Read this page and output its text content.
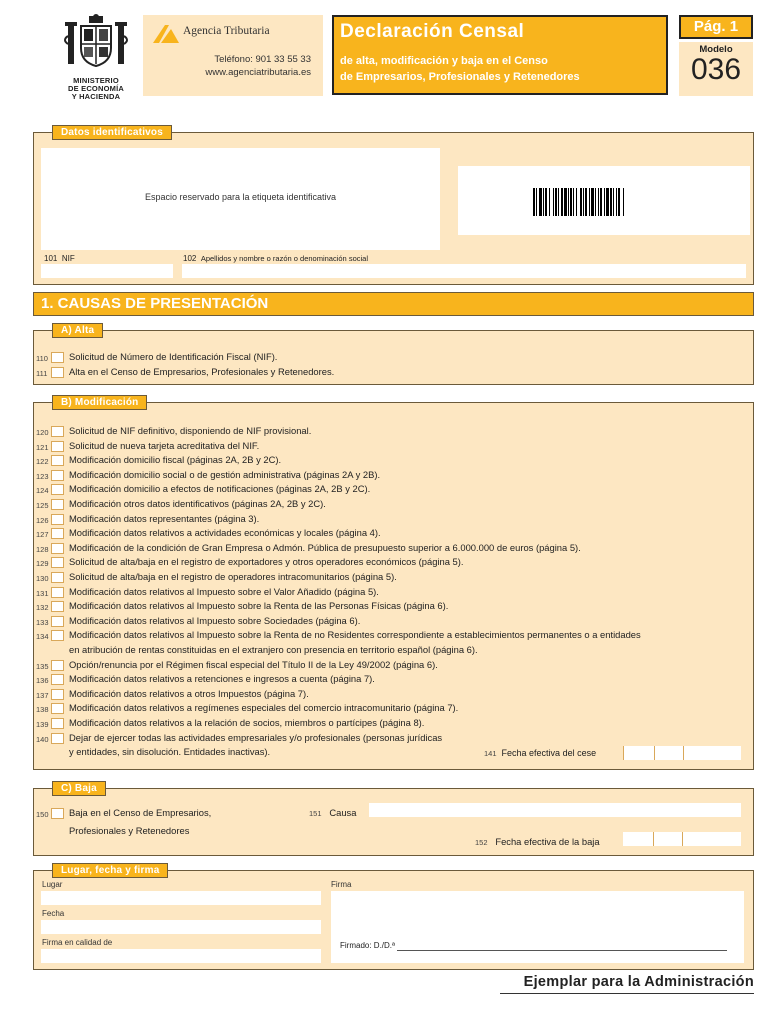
MINISTERIO
DE ECONOMÍA
Y HACIENDA
Agencia Tributaria
Teléfono: 901 33 55 33
www.agenciatributaria.es
Declaración Censal
de alta, modificación y baja en el Censo
de Empresarios, Profesionales y Retenedores
Pág. 1
Modelo
036
Espacio reservado para la etiqueta identificativa
101 NIF	102 Apellidos y nombre o razón o denominación social
Datos identificativos
1. CAUSAS DE PRESENTACIÓN
A) Alta
110	Solicitud de Número de Identificación Fiscal (NIF).
111	Alta en el Censo de Empresarios, Profesionales y Retenedores.
B) Modificación
120 Solicitud de NIF definitivo, disponiendo de NIF provisional.
121 Solicitud de nueva tarjeta acreditativa del NIF.
122 Modificación domicilio fiscal (páginas 2A, 2B y 2C).
123 Modificación domicilio social o de gestión administrativa (páginas 2A y 2B).
124 Modificación domicilio a efectos de notificaciones (páginas 2A, 2B y 2C).
125 Modificación otros datos identificativos (páginas 2A, 2B y 2C).
126 Modificación datos representantes (página 3).
127 Modificación datos relativos a actividades económicas y locales (página 4).
128 Modificación de la condición de Gran Empresa o Admón. Pública de presupuesto superior a 6.000.000 de euros (página 5).
129 Solicitud de alta/baja en el registro de exportadores y otros operadores económicos (página 5).
130 Solicitud de alta/baja en el registro de operadores intracomunitarios (página 5).
131 Modificación datos relativos al Impuesto sobre el Valor Añadido (página 5).
132 Modificación datos relativos al Impuesto sobre la Renta de las Personas Físicas (página 6).
133 Modificación datos relativos al Impuesto sobre Sociedades (página 6).
134 Modificación datos relativos al Impuesto sobre la Renta de no Residentes correspondiente a establecimientos permanentes o a entidades
en atribución de rentas constituidas en el extranjero con presencia en territorio español (página 6).
135 Opción/renuncia por el Régimen fiscal especial del Título II de la Ley 49/2002 (página 6).
136 Modificación datos relativos a retenciones e ingresos a cuenta (página 7).
137 Modificación datos relativos a otros Impuestos (página 7).
138 Modificación datos relativos a regímenes especiales del comercio intracomunitario (página 7).
139 Modificación datos relativos a la relación de socios, miembros o partícipes (página 8).
140 Dejar de ejercer todas las actividades empresariales y/o profesionales (personas jurídicas
y entidades, sin disolución. Entidades inactivas).	141 Fecha efectiva del cese
C) Baja
150 Baja en el Censo de Empresarios,
Profesionales y Retenedores
151 Causa
152 Fecha efectiva de la baja
Lugar, fecha y firma
Lugar
Fecha
Firma en calidad de
Firma
Firmado: D./D.ª
Ejemplar para la Administración
